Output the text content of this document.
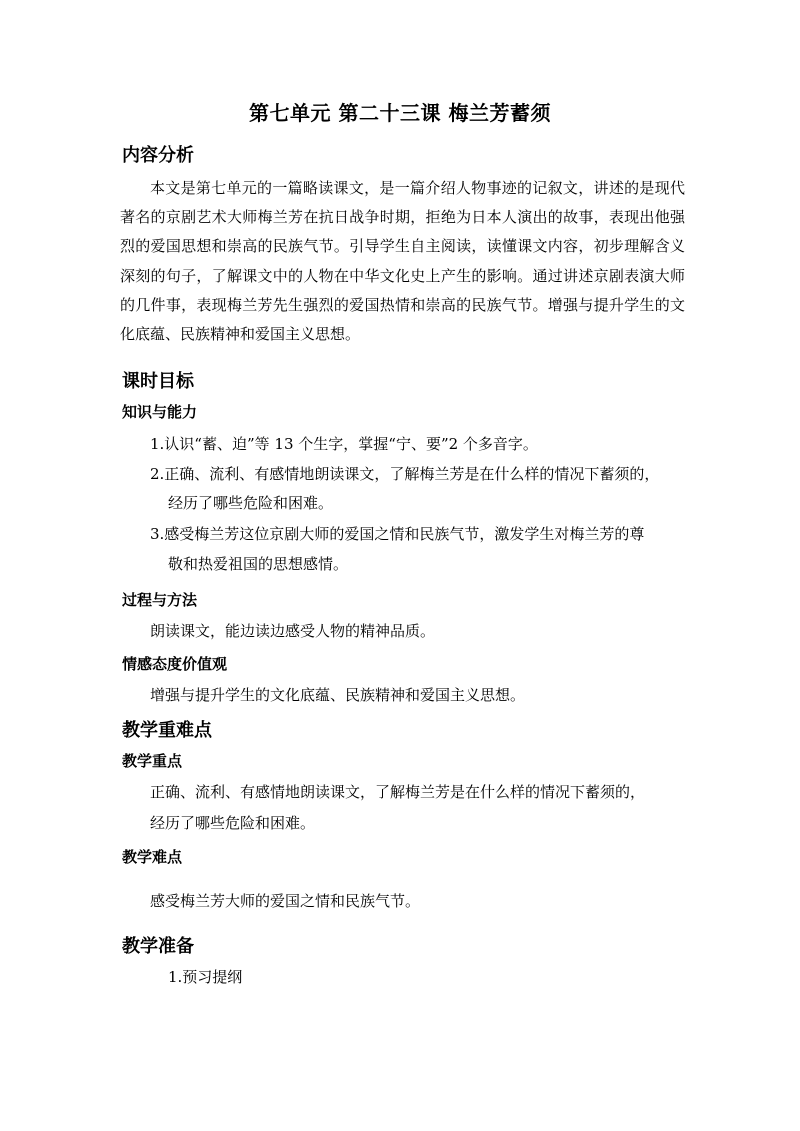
第七单元 第二十三课 梅兰芳蓄须
内容分析

本文是第七单元的一篇略读课文，是一篇介绍人物事迹的记叙文，讲述的是现代著名的京剧艺术大师梅兰芳在抗日战争时期，拒绝为日本人演出的故事，表现出他强烈的爱国思想和崇高的民族气节。引导学生自主阅读，读懂课文内容，初步理解含义深刻的句子，了解课文中的人物在中华文化史上产生的影响。通过讲述京剧表演大师的几件事，表现梅兰芳先生强烈的爱国热情和崇高的民族气节。增强与提升学生的文化底蕴、民族精神和爱国主义思想。

课时目标
知识与能力
1.认识“蓄、迫”等 13 个生字，掌握“宁、要”2 个多音字。
2.正确、流利、有感情地朗读课文，了解梅兰芳是在什么样的情况下蓄须的，
经历了哪些危险和困难。
3.感受梅兰芳这位京剧大师的爱国之情和民族气节，激发学生对梅兰芳的尊
敬和热爱祖国的思想感情。
过程与方法
朗读课文，能边读边感受人物的精神品质。
情感态度价值观
增强与提升学生的文化底蕴、民族精神和爱国主义思想。
教学重难点
教学重点
正确、流利、有感情地朗读课文，了解梅兰芳是在什么样的情况下蓄须的，
经历了哪些危险和困难。
教学难点
感受梅兰芳大师的爱国之情和民族气节。
教学准备
1.预习提纲
